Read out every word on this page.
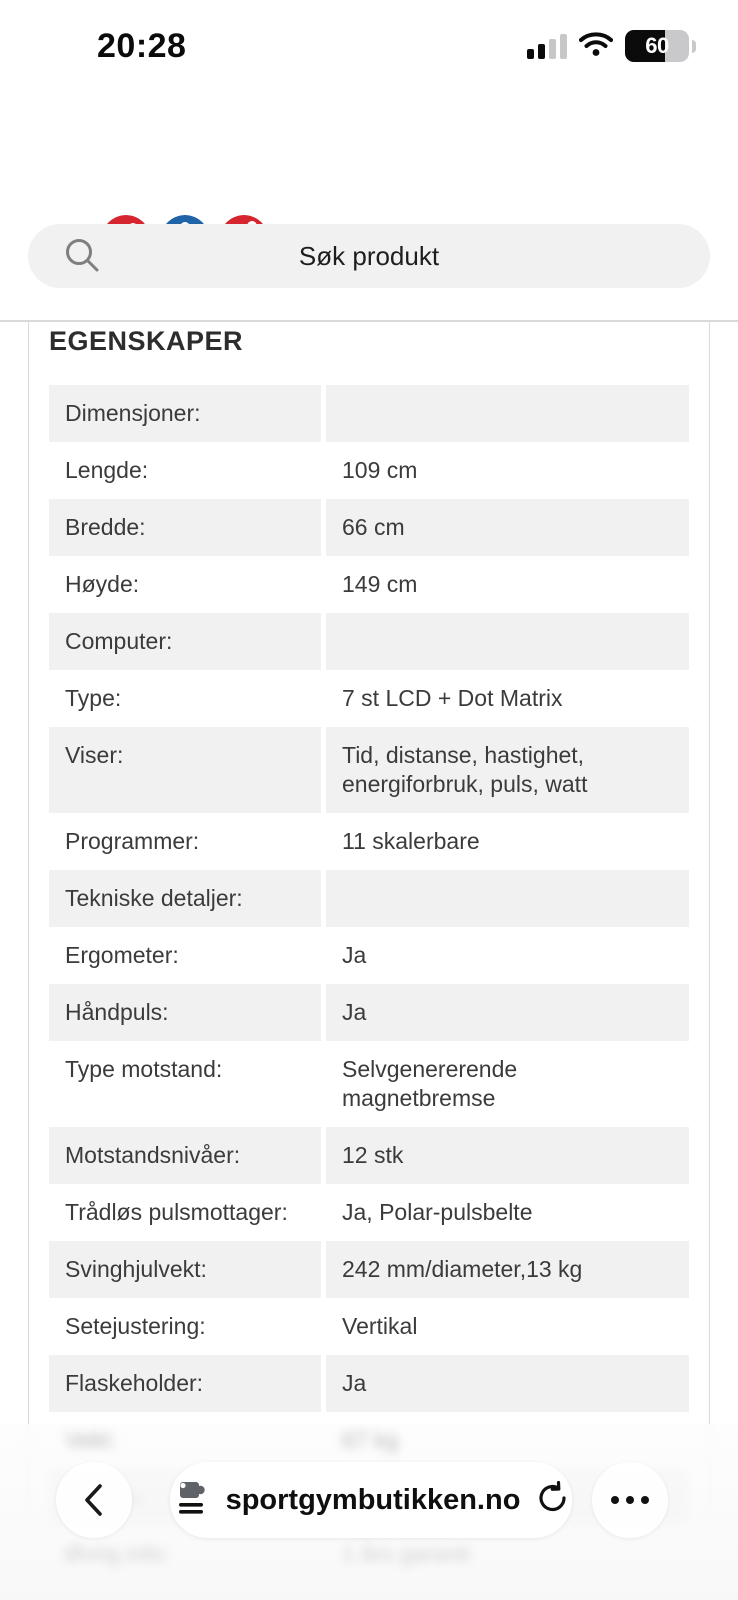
20:28	60
Søk produkt
EGENSKAPER
Dimensjoner:
Lengde:	109 cm
Bredde:	66 cm
Høyde:	149 cm
Computer:
Type:	7 st LCD + Dot Matrix
Viser:	Tid, distanse, hastighet, energiforbruk, puls, watt
Programmer:	11 skalerbare
Tekniske detaljer:
Ergometer:	Ja
Håndpuls:	Ja
Type motstand:	Selvgenererende magnetbremse
Motstandsnivåer:	12 stk
Trådløs pulsmottager:	Ja, Polar-pulsbelte
Svinghjulvekt:	242 mm/diameter,13 kg
Setejustering:	Vertikal
Flaskeholder:	Ja
sportgymbutikken.no
